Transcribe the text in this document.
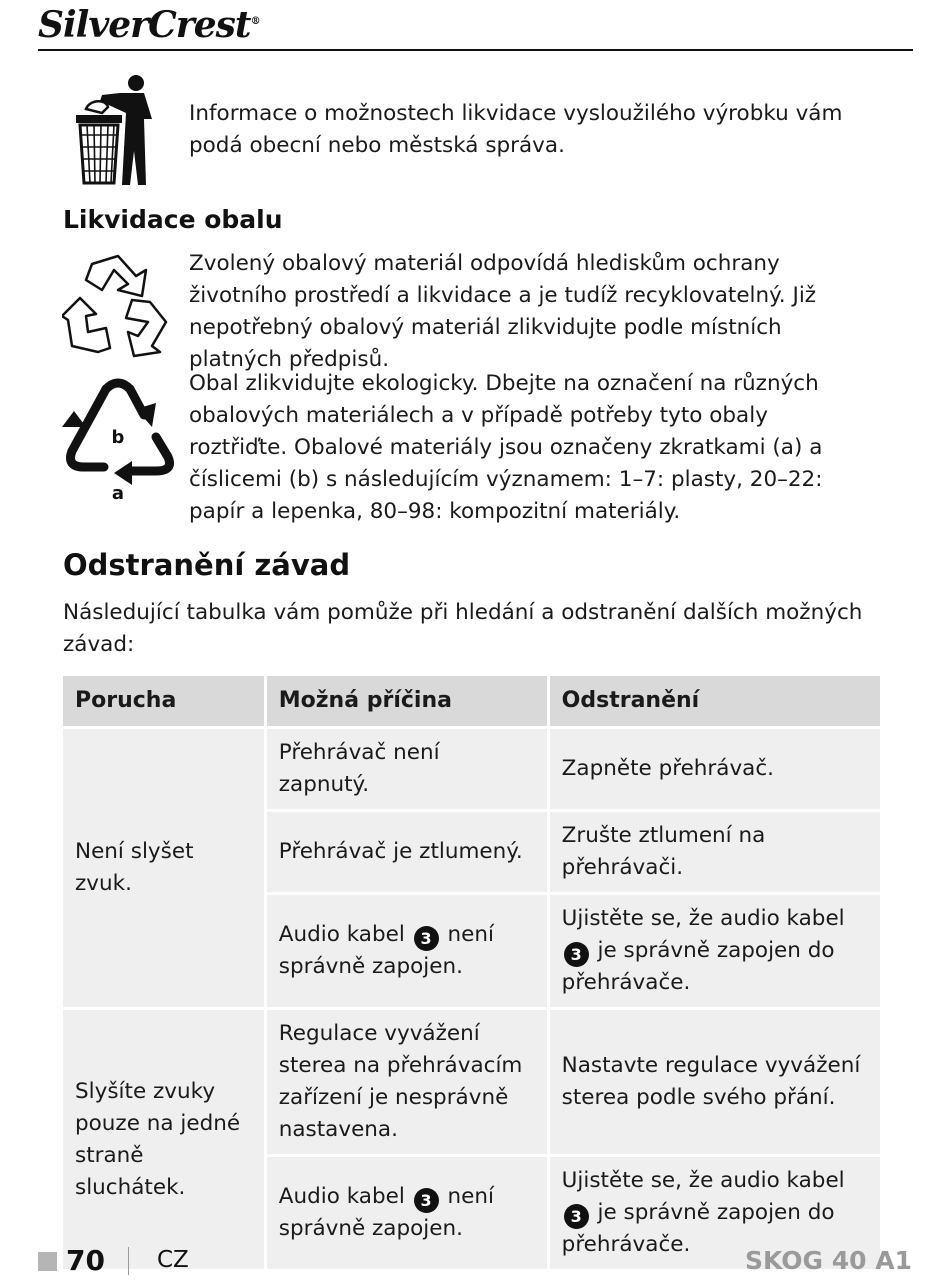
SilverCrest®
Informace o možnostech likvidace vysloužilého výrobku vám podá obecní nebo městská správa.
Likvidace obalu
Zvolený obalový materiál odpovídá hlediskům ochrany životního prostředí a likvidace a je tudíž recyklovatelný. Již nepotřebný obalový materiál zlikvidujte podle místních platných předpisů.
b
a
Obal zlikvidujte ekologicky. Dbejte na označení na různých obalových materiálech a v případě potřeby tyto obaly roztřiďte. Obalové materiály jsou označeny zkratkami (a) a číslicemi (b) s následujícím významem: 1–7: plasty, 20–22: papír a lepenka, 80–98: kompozitní materiály.
Odstranění závad
Následující tabulka vám pomůže při hledání a odstranění dalších možných závad:
Porucha	Možná příčina	Odstranění
Není slyšet zvuk.	Přehrávač není zapnutý.	Zapněte přehrávač.
	Přehrávač je ztlumený.	Zrušte ztlumení na přehrávači.
	Audio kabel 3 není správně zapojen.	Ujistěte se, že audio kabel 3 je správně zapojen do přehrávače.
Slyšíte zvuky pouze na jedné straně sluchátek.	Regulace vyvážení sterea na přehrávacím zařízení je nesprávně nastavena.	Nastavte regulace vyvážení sterea podle svého přání.
	Audio kabel 3 není správně zapojen.	Ujistěte se, že audio kabel 3 je správně zapojen do přehrávače.
70 CZ	SKOG 40 A1
